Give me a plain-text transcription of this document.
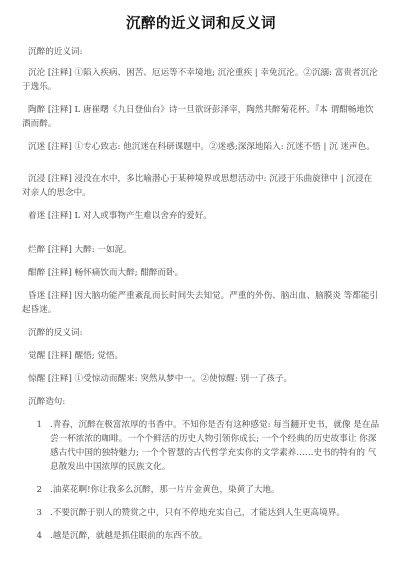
沉醉的近义词和反义词

沉醉的近义词:

沉沦 [注释] ①陷入疾病、困苦、厄运等不幸境地; 沉沦重疾 | 幸免沉沦。②沉溺: 富贵者沉沦于逸乐。

陶醉 [注释] L 唐崔曙《九日登仙台》诗一旦欲讶彭泽宰，陶然共醉菊花杯。『本 谓酣畅地饮酒而醉。

沉迷 [注释] ①专心致志: 他沉迷在科研课题中。②迷惑;深深地陷入: 沉迷不悟 | 沉 迷声色。

沉浸 [注释] 浸没在水中，多比喻潜心于某种境界或思想活动中: 沉浸于乐曲旋律中 | 沉浸在对亲人的思念中。

着迷 [注释] L 对人或事物产生难以舍弃的爱好。

烂醉 [注释] 大醉: 一如泥。

酣醉 [注释] 畅怀痛饮而大醉; 酣醉而卧。

昏迷 [注释] 因大脑功能严重紊乱而长时间失去知觉。严重的外伤、脑出血、脑膜炎 等都能引起昏迷。

沉醉的反义词:

觉醒 [注释] 醒悟; 觉悟。

惊醒 [注释] ①受惊动而醒来: 突然从梦中一。②使惊醒: 别一了孩子。

沉醉造句:

1 .青春，沉醉在极富浓厚的书香中。不知你是否有这种感觉: 每当翻开史书，就像 是在品尝一杯浓浓的咖啡。一个个鲜活的历史人物引领你成长; 一个个经典的历史故事让 你深感古代中国的独特魅力; 一个个智慧的古代哲学充实你的文学素养……史书的特有的 气息散发出中国浓厚的民族文化。
2 .油菜花啊!你让我多么沉醉，那一片片金黄色，染黄了大地。
3 .不要沉醉于别人的赞赏之中，只有不停地充实自己，才能达到人生更高境界。
4 .越是沉醉，就越是抓住眼前的东西不放。
